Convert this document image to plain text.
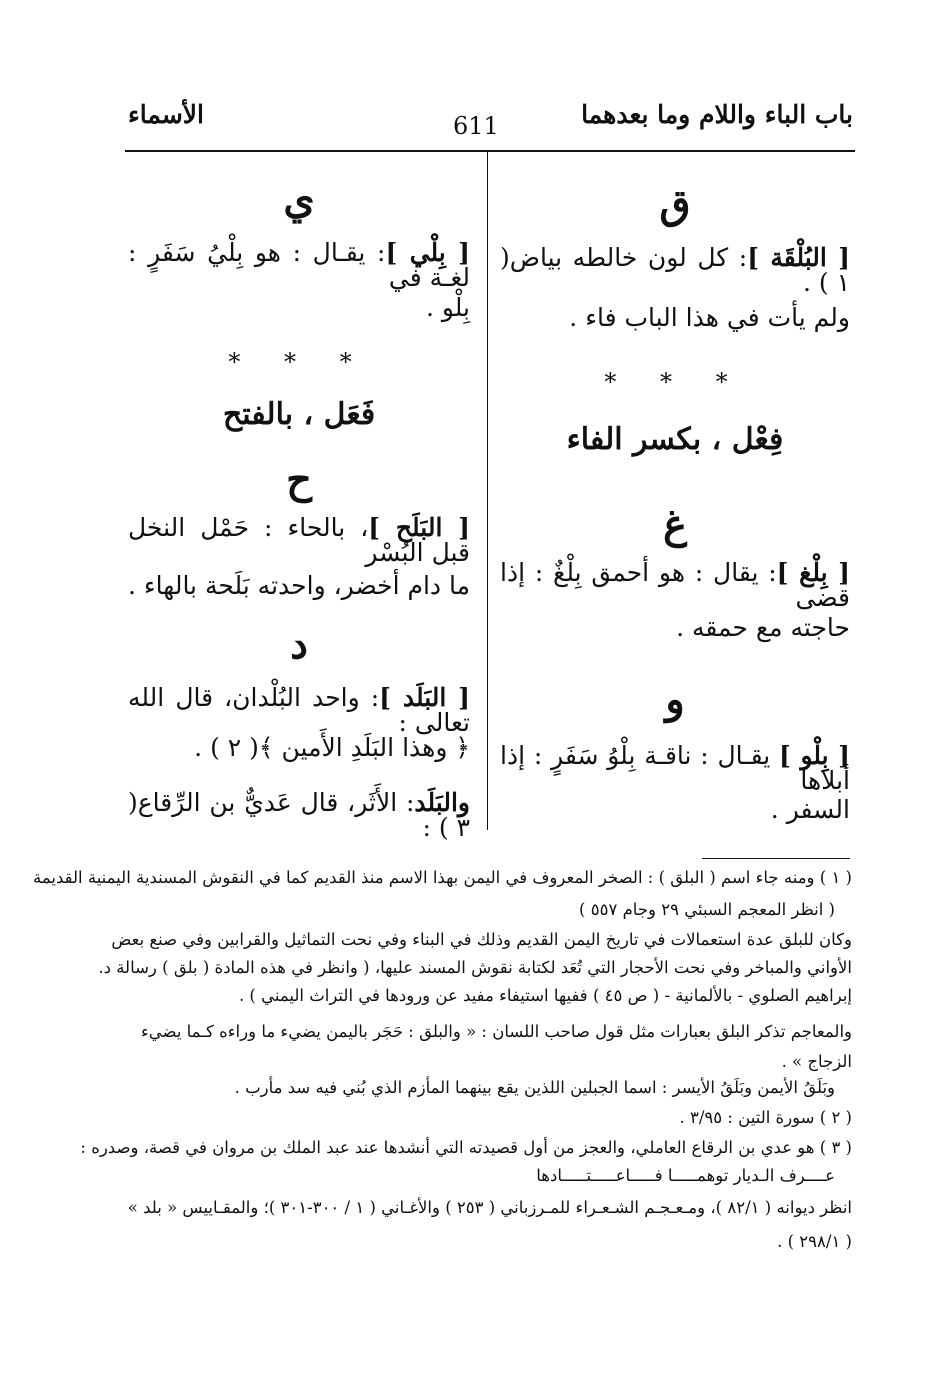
باب الباء واللام وما بعدهما
611
الأسماء
ق
[ البُلْقَة ]: كل لون خالطه بياض( ١ ) .
ولم يأت في هذا الباب فاء .
* * *
فِعْل ، بكسر الفاء
غ
[ بِلْغ ]: يقال : هو أحمق بِلْغٌ : إذا قضى
حاجته مع حمقه .
و
[ بِلْو ] يقـال : ناقـة بِلْوُ سَفَرٍ : إذا أبلاها
السفر .
ي
[ بِلْي ]: يقـال : هو بِلْيُ سَفَرٍ : لغـة في
بِلْو .
* * *
فَعَل ، بالفتح
ح
[ البَلَح ]، بالحاء : حَمْل النخل قبل البُسْر
ما دام أخضر، واحدته بَلَحة بالهاء .
د
[ البَلَد ]: واحد البُلْدان، قال الله تعالى :
﴿ وهذا البَلَدِ الأَمين ﴾( ٢ ) .
والبَلَد: الأَثَر، قال عَديٌّ بن الرِّقاع( ٣ ) :
( ١ ) ومنه جاء اسم ( البلق ) : الصخر المعروف في اليمن بهذا الاسم منذ القديم كما في النقوش المسندية اليمنية القديمة
( انظر المعجم السبئي ٢٩ وجام ٥٥٧ )
وكان للبلق عدة استعمالات في تاريخ اليمن القديم وذلك في البناء وفي نحت التماثيل والقرابين وفي صنع بعض
الأواني والمباخر وفي نحت الأحجار التي تُعَد لكتابة نقوش المسند عليها، ( وانظر في هذه المادة ( بلق ) رسالة د.
إبراهيم الصلوي - بالألمانية - ( ص ٤٥ ) ففيها استيفاء مفيد عن ورودها في التراث اليمني ) .
والمعاجم تذكر البلق بعبارات مثل قول صاحب اللسان : « والبلق : حَجَر باليمن يضيء ما وراءه كـما يضيء
الزجاج » .
وبَلَقُ الأيمن وبَلَقُ الأيسر : اسما الجبلين اللذين يقع بينهما المأزم الذي بُني فيه سد مأرب .
( ٢ ) سورة التين : ٣/٩٥ .
( ٣ ) هو عدي بن الرقاع العاملي، والعجز من أول قصيدته التي أنشدها عند عبد الملك بن مروان في قصة، وصدره :
عــــرف الـديار توهمـــــا فـــــاعـــــتـــــادها
انظر ديوانه ( ٨٢/١ )، ومـعـجـم الشـعـراء للمـرزباني ( ٢٥٣ ) والأغـاني ( ١ / ٣٠٠-٣٠١ )؛ والمقـاييس « بلد »
( ٢٩٨/١ ) .
